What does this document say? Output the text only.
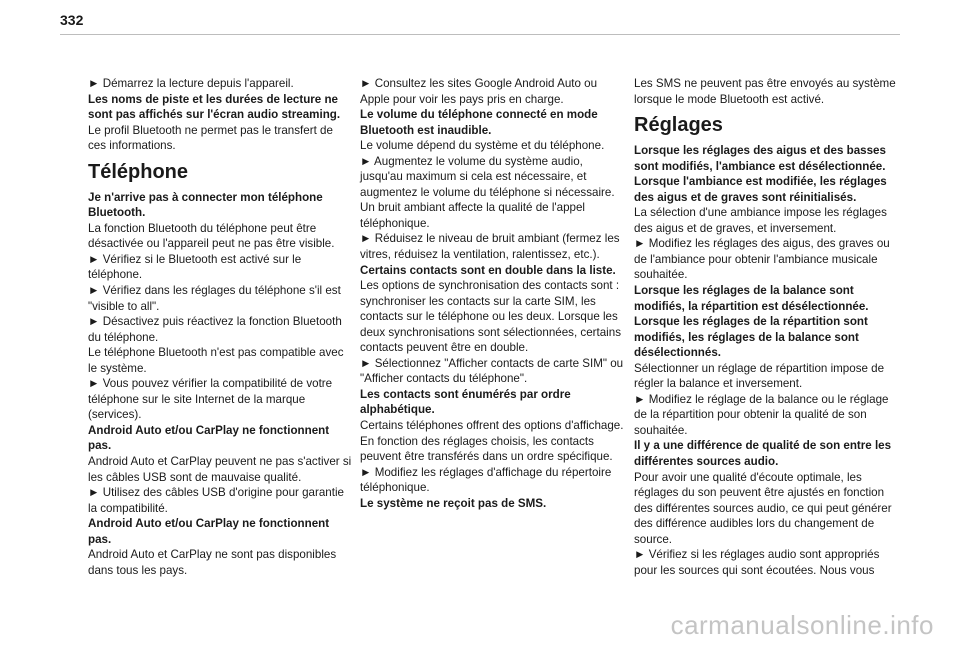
332

► Démarrez la lecture depuis l'appareil.

Les noms de piste et les durées de lecture ne sont pas affichés sur l'écran audio streaming.

Le profil Bluetooth ne permet pas le transfert de ces informations.

Téléphone

Je n'arrive pas à connecter mon téléphone Bluetooth.

La fonction Bluetooth du téléphone peut être désactivée ou l'appareil peut ne pas être visible.

► Vérifiez si le Bluetooth est activé sur le téléphone.

► Vérifiez dans les réglages du téléphone s'il est "visible to all".

► Désactivez puis réactivez la fonction Bluetooth du téléphone.

Le téléphone Bluetooth n'est pas compatible avec le système.

► Vous pouvez vérifier la compatibilité de votre téléphone sur le site Internet de la marque (services).

Android Auto et/ou CarPlay ne fonctionnent pas.

Android Auto et CarPlay peuvent ne pas s'activer si les câbles USB sont de mauvaise qualité.

► Utilisez des câbles USB d'origine pour garantie la compatibilité.

Android Auto et/ou CarPlay ne fonctionnent pas.

Android Auto et CarPlay ne sont pas disponibles dans tous les pays.

► Consultez les sites Google Android Auto ou Apple pour voir les pays pris en charge.

Le volume du téléphone connecté en mode Bluetooth est inaudible.

Le volume dépend du système et du téléphone.

► Augmentez le volume du système audio, jusqu'au maximum si cela est nécessaire, et augmentez le volume du téléphone si nécessaire.

Un bruit ambiant affecte la qualité de l'appel téléphonique.

► Réduisez le niveau de bruit ambiant (fermez les vitres, réduisez la ventilation, ralentissez, etc.).

Certains contacts sont en double dans la liste.

Les options de synchronisation des contacts sont : synchroniser les contacts sur la carte SIM, les contacts sur le téléphone ou les deux. Lorsque les deux synchronisations sont sélectionnées, certains contacts peuvent être en double.

► Sélectionnez "Afficher contacts de carte SIM" ou "Afficher contacts du téléphone".

Les contacts sont énumérés par ordre alphabétique.

Certains téléphones offrent des options d'affichage. En fonction des réglages choisis, les contacts peuvent être transférés dans un ordre spécifique.

► Modifiez les réglages d'affichage du répertoire téléphonique.

Le système ne reçoit pas de SMS.

Les SMS ne peuvent pas être envoyés au système lorsque le mode Bluetooth est activé.

Réglages

Lorsque les réglages des aigus et des basses sont modifiés, l'ambiance est désélectionnée. Lorsque l'ambiance est modifiée, les réglages des aigus et de graves sont réinitialisés.

La sélection d'une ambiance impose les réglages des aigus et de graves, et inversement.

► Modifiez les réglages des aigus, des graves ou de l'ambiance pour obtenir l'ambiance musicale souhaitée.

Lorsque les réglages de la balance sont modifiés, la répartition est désélectionnée. Lorsque les réglages de la répartition sont modifiés, les réglages de la balance sont désélectionnés.

Sélectionner un réglage de répartition impose de régler la balance et inversement.

► Modifiez le réglage de la balance ou le réglage de la répartition pour obtenir la qualité de son souhaitée.

Il y a une différence de qualité de son entre les différentes sources audio.

Pour avoir une qualité d'écoute optimale, les réglages du son peuvent être ajustés en fonction des différentes sources audio, ce qui peut générer des différence audibles lors du changement de source.

► Vérifiez si les réglages audio sont appropriés pour les sources qui sont écoutées. Nous vous

carmanualsonline.info
